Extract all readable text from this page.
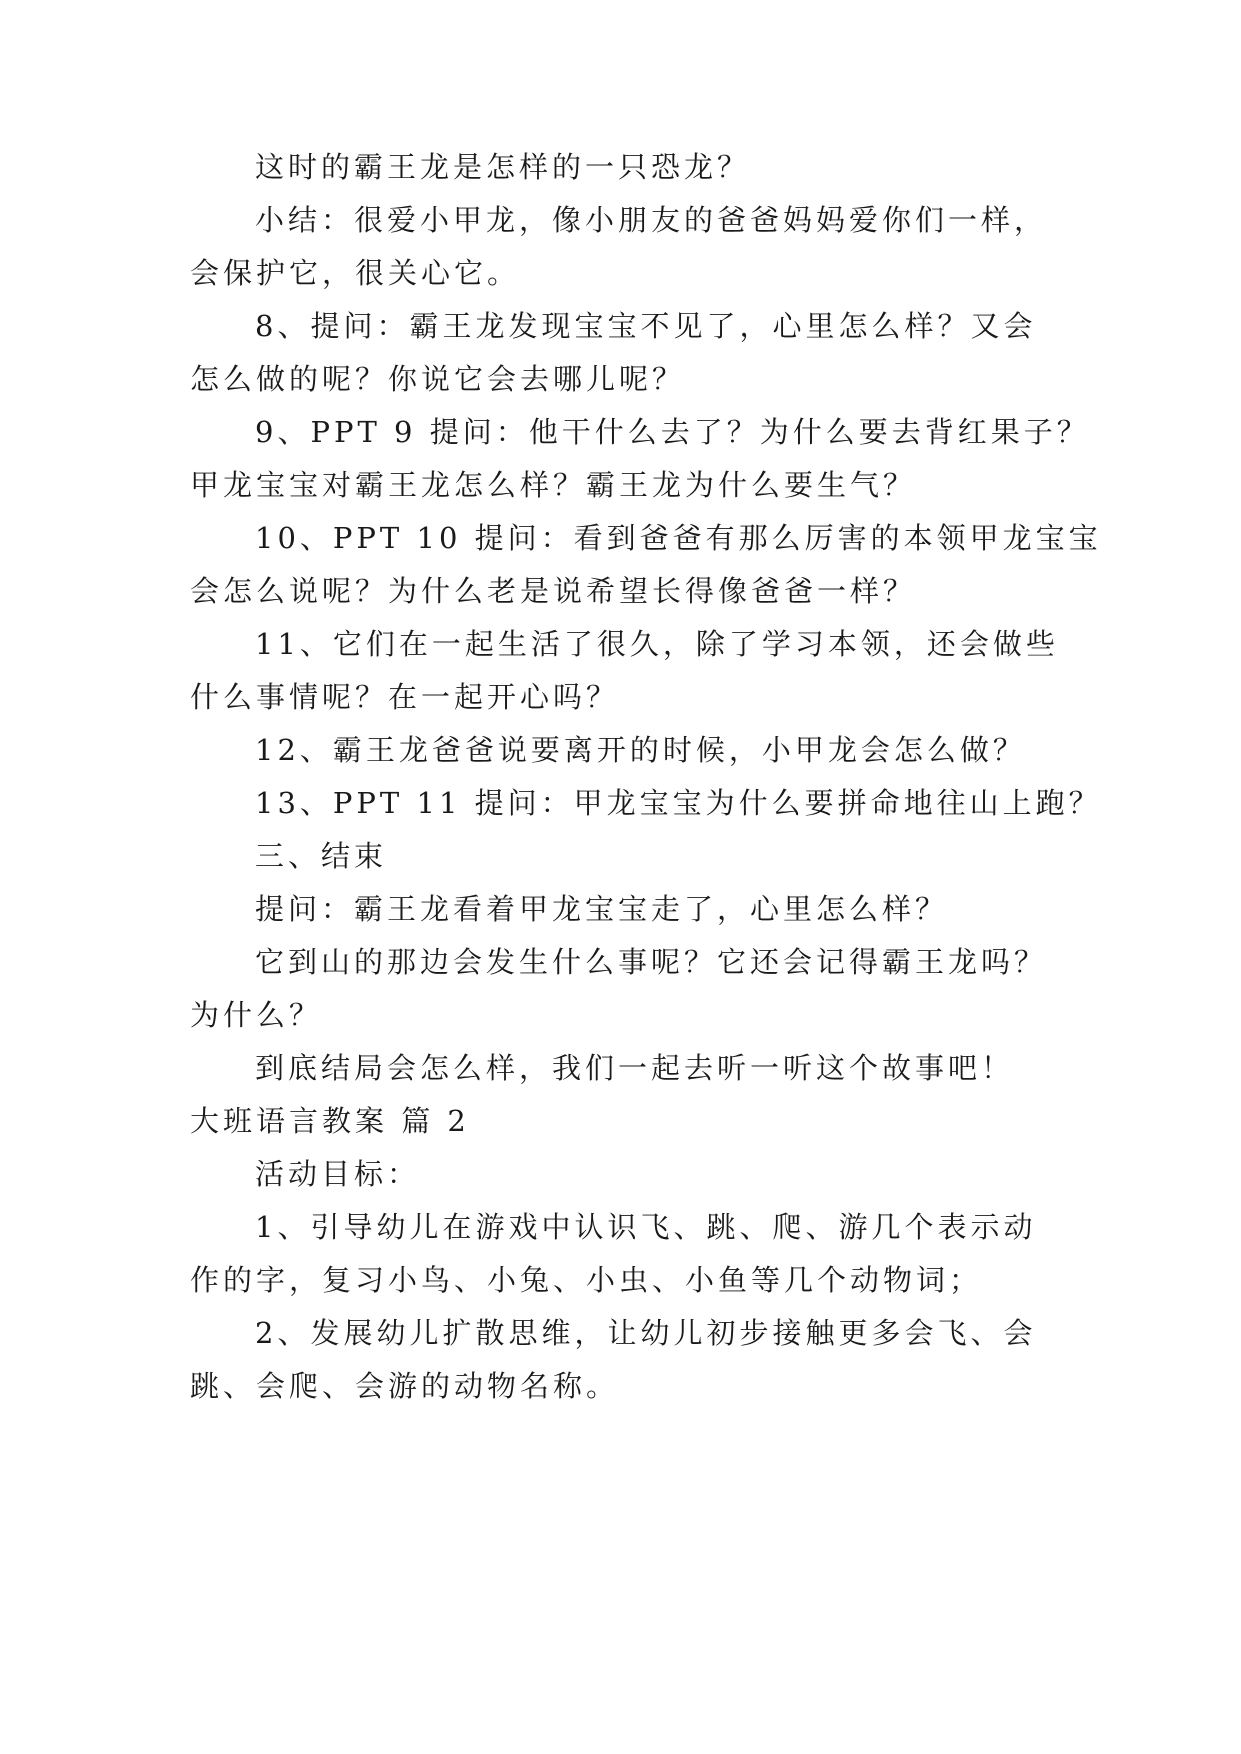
这时的霸王龙是怎样的一只恐龙？
小结：很爱小甲龙，像小朋友的爸爸妈妈爱你们一样，
会保护它，很关心它。
8、提问：霸王龙发现宝宝不见了，心里怎么样？又会
怎么做的呢？你说它会去哪儿呢？
9、PPT 9 提问：他干什么去了？为什么要去背红果子？
甲龙宝宝对霸王龙怎么样？霸王龙为什么要生气？
10、PPT 10 提问：看到爸爸有那么厉害的本领甲龙宝宝
会怎么说呢？为什么老是说希望长得像爸爸一样？
11、它们在一起生活了很久，除了学习本领，还会做些
什么事情呢？在一起开心吗？
12、霸王龙爸爸说要离开的时候，小甲龙会怎么做？
13、PPT 11 提问：甲龙宝宝为什么要拼命地往山上跑？
三、结束
提问：霸王龙看着甲龙宝宝走了，心里怎么样？
它到山的那边会发生什么事呢？它还会记得霸王龙吗？
为什么？
到底结局会怎么样，我们一起去听一听这个故事吧！
大班语言教案 篇 2
活动目标：
1、引导幼儿在游戏中认识飞、跳、爬、游几个表示动
作的字，复习小鸟、小兔、小虫、小鱼等几个动物词；
2、发展幼儿扩散思维，让幼儿初步接触更多会飞、会
跳、会爬、会游的动物名称。
